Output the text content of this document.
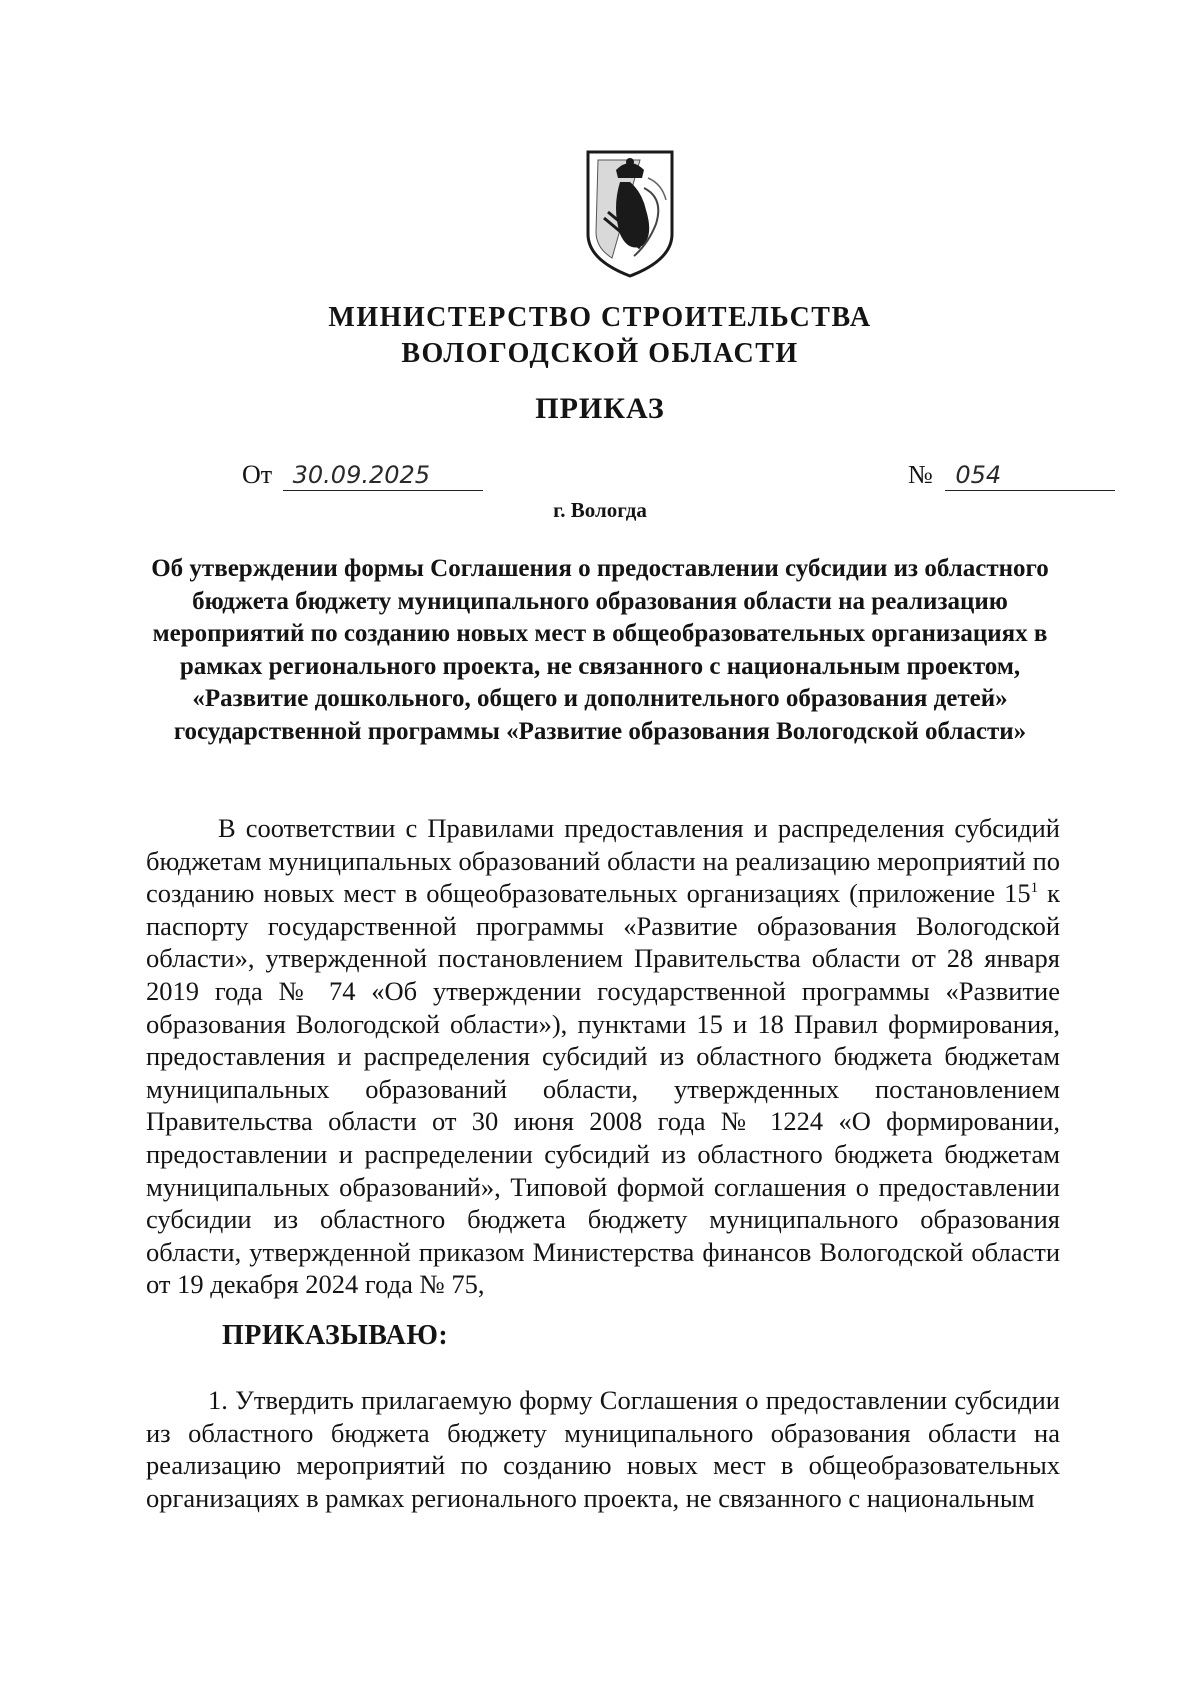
МИНИСТЕРСТВО СТРОИТЕЛЬСТВА
ВОЛОГОДСКОЙ ОБЛАСТИ
ПРИКАЗ
От 30.09.2025	№ 054
г. Вологда
Об утверждении формы Соглашения о предоставлении субсидии из областного бюджета бюджету муниципального образования области на реализацию мероприятий по созданию новых мест в общеобразовательных организациях в рамках регионального проекта, не связанного с национальным проектом, «Развитие дошкольного, общего и дополнительного образования детей» государственной программы «Развитие образования Вологодской области»
В соответствии с Правилами предоставления и распределения субсидий бюджетам муниципальных образований области на реализацию мероприятий по созданию новых мест в общеобразовательных организациях (приложение $15^1$ к паспорту государственной программы «Развитие образования Вологодской области», утвержденной постановлением Правительства области от 28 января 2019 года № 74 «Об утверждении государственной программы «Развитие образования Вологодской области»), пунктами 15 и 18 Правил формирования, предоставления и распределения субсидий из областного бюджета бюджетам муниципальных образований области, утвержденных постановлением Правительства области от 30 июня 2008 года № 1224 «О формировании, предоставлении и распределении субсидий из областного бюджета бюджетам муниципальных образований», Типовой формой соглашения о предоставлении субсидии из областного бюджета бюджету муниципального образования области, утвержденной приказом Министерства финансов Вологодской области от 19 декабря 2024 года № 75,
ПРИКАЗЫВАЮ:
1. Утвердить прилагаемую форму Соглашения о предоставлении субсидии из областного бюджета бюджету муниципального образования области на реализацию мероприятий по созданию новых мест в общеобразовательных организациях в рамках регионального проекта, не связанного с национальным
